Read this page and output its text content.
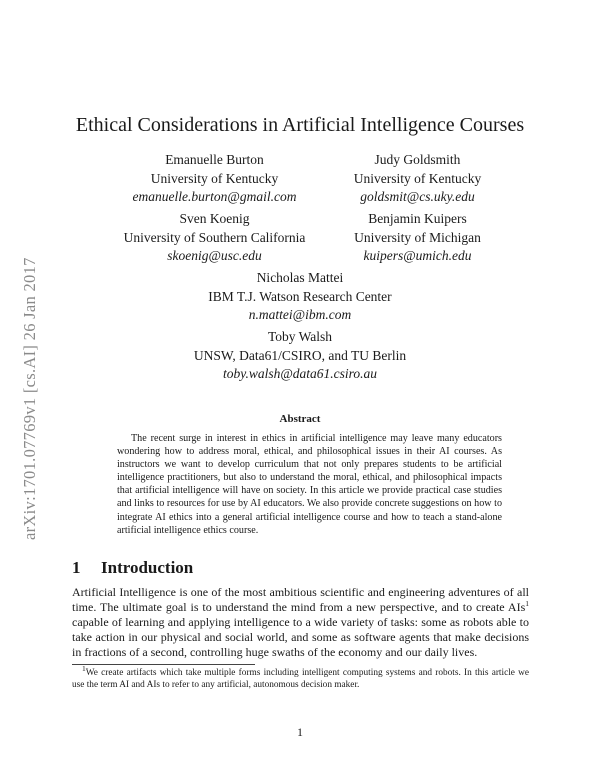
arXiv:1701.07769v1 [cs.AI] 26 Jan 2017
Ethical Considerations in Artificial Intelligence Courses
Emanuelle Burton
University of Kentucky
emanuelle.burton@gmail.com
Judy Goldsmith
University of Kentucky
goldsmit@cs.uky.edu
Sven Koenig
University of Southern California
skoenig@usc.edu
Benjamin Kuipers
University of Michigan
kuipers@umich.edu
Nicholas Mattei
IBM T.J. Watson Research Center
n.mattei@ibm.com
Toby Walsh
UNSW, Data61/CSIRO, and TU Berlin
toby.walsh@data61.csiro.au
Abstract
The recent surge in interest in ethics in artificial intelligence may leave many educators wondering how to address moral, ethical, and philosophical issues in their AI courses. As instructors we want to develop curriculum that not only prepares students to be artificial intelligence practitioners, but also to understand the moral, ethical, and philosophical impacts that artificial intelligence will have on society. In this article we provide practical case studies and links to resources for use by AI educators. We also provide concrete suggestions on how to integrate AI ethics into a general artificial intelligence course and how to teach a stand-alone artificial intelligence ethics course.
1 Introduction
Artificial Intelligence is one of the most ambitious scientific and engineering adventures of all time. The ultimate goal is to understand the mind from a new perspective, and to create AIs$^1$ capable of learning and applying intelligence to a wide variety of tasks: some as robots able to take action in our physical and social world, and some as software agents that make decisions in fractions of a second, controlling huge swaths of the economy and our daily lives.
$^1$We create artifacts which take multiple forms including intelligent computing systems and robots. In this article we use the term AI and AIs to refer to any artificial, autonomous decision maker.
1
